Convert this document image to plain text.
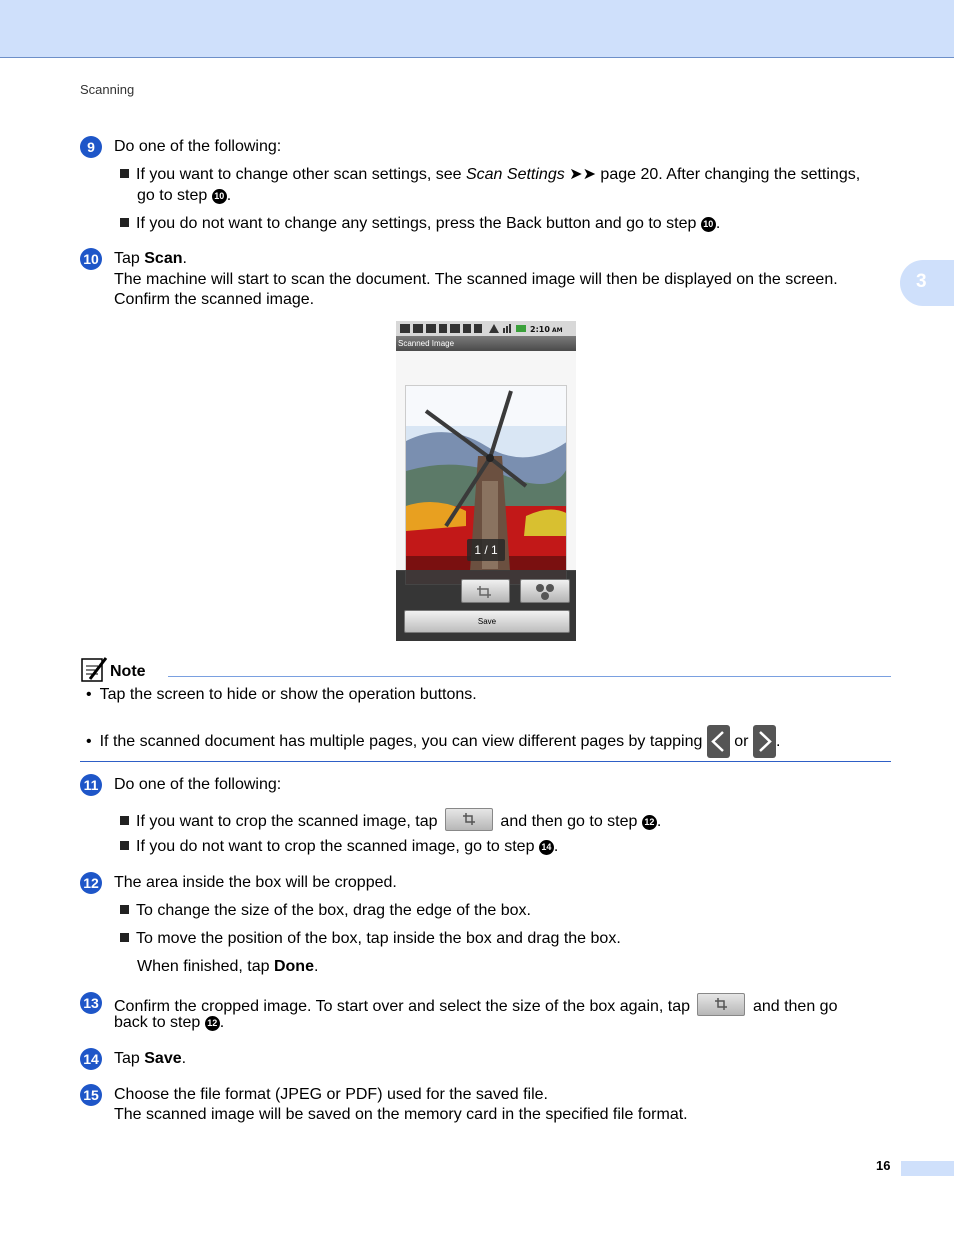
Scanning
3
9	Do one of the following:
If you want to change other scan settings, see Scan Settings ➤➤ page 20. After changing the settings,
go to step 10 .
If you do not want to change any settings, press the Back button and go to step 10 .
10 Tap Scan.
The machine will start to scan the document. The scanned image will then be displayed on the screen.
Confirm the scanned image.
2:10 AM
Scanned Image
1 / 1
Save
Note
• Tap the screen to hide or show the operation buttons.
• If the scanned document has multiple pages, you can view different pages by tapping or .
11 Do one of the following:
If you want to crop the scanned image, tap	and then go to step 12 .
If you do not want to crop the scanned image, go to step 14 .
12 The area inside the box will be cropped.
To change the size of the box, drag the edge of the box.
To move the position of the box, tap inside the box and drag the box.
When finished, tap Done.
13 Confirm the cropped image. To start over and select the size of the box again, tap	and then go
back to step 12 .
14 Tap Save.
15 Choose the file format (JPEG or PDF) used for the saved file.
The scanned image will be saved on the memory card in the specified file format.
16
